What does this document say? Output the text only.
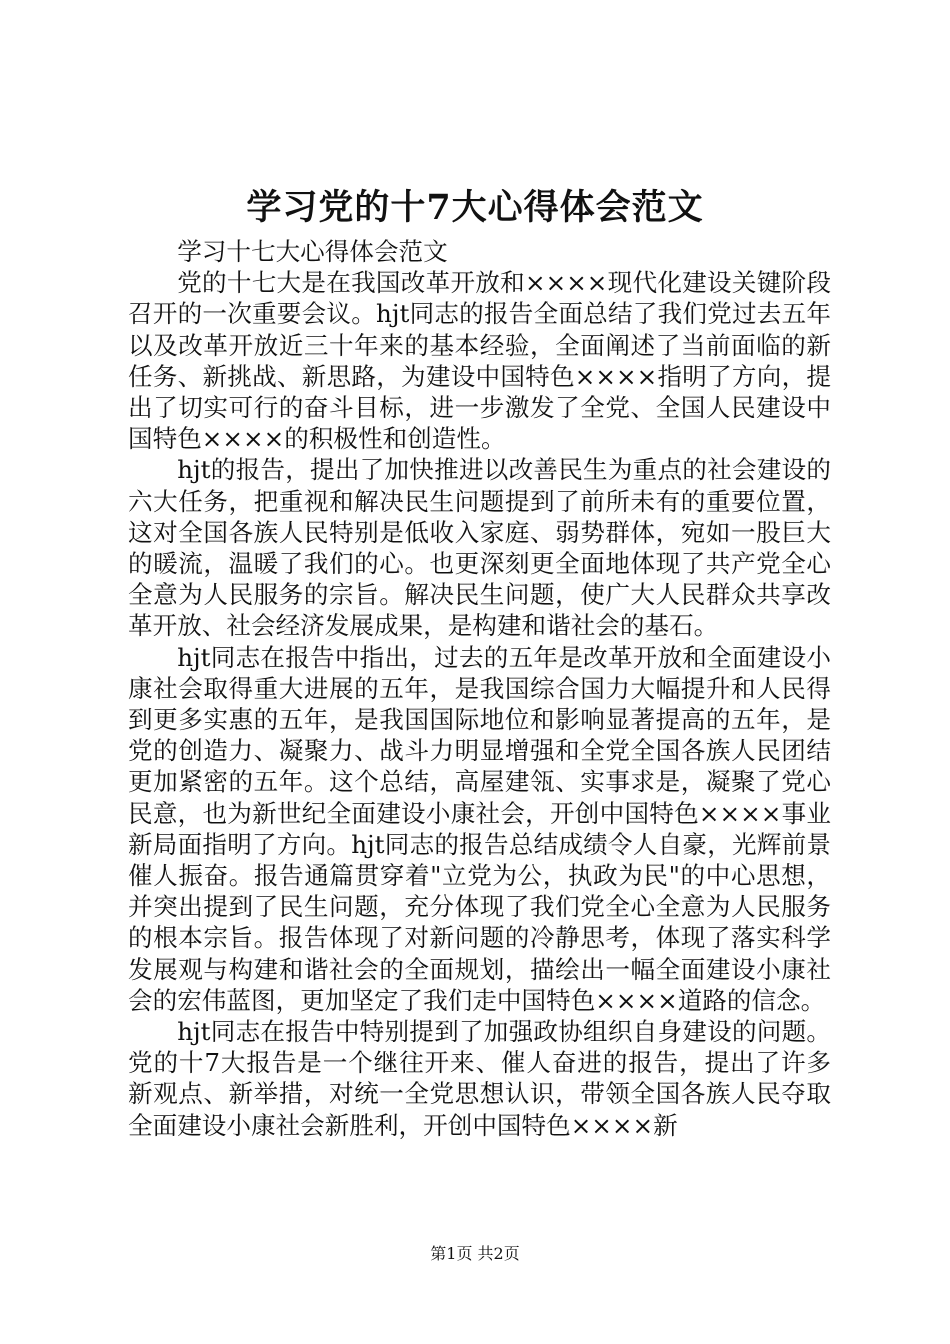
学习党的十7大心得体会范文
学习十七大心得体会范文

党的十七大是在我国改革开放和××××现代化建设关键阶段召开的一次重要会议。hjt同志的报告全面总结了我们党过去五年以及改革开放近三十年来的基本经验，全面阐述了当前面临的新任务、新挑战、新思路，为建设中国特色××××指明了方向，提出了切实可行的奋斗目标，进一步激发了全党、全国人民建设中国特色××××的积极性和创造性。

hjt的报告，提出了加快推进以改善民生为重点的社会建设的六大任务，把重视和解决民生问题提到了前所未有的重要位置，这对全国各族人民特别是低收入家庭、弱势群体，宛如一股巨大的暖流，温暖了我们的心。也更深刻更全面地体现了共产党全心全意为人民服务的宗旨。解决民生问题，使广大人民群众共享改革开放、社会经济发展成果，是构建和谐社会的基石。

hjt同志在报告中指出，过去的五年是改革开放和全面建设小康社会取得重大进展的五年，是我国综合国力大幅提升和人民得到更多实惠的五年，是我国国际地位和影响显著提高的五年，是党的创造力、凝聚力、战斗力明显增强和全党全国各族人民团结更加紧密的五年。这个总结，高屋建瓴、实事求是，凝聚了党心民意，也为新世纪全面建设小康社会，开创中国特色××××事业新局面指明了方向。hjt同志的报告总结成绩令人自豪，光辉前景催人振奋。报告通篇贯穿着"立党为公，执政为民"的中心思想，并突出提到了民生问题，充分体现了我们党全心全意为人民服务的根本宗旨。报告体现了对新问题的冷静思考，体现了落实科学发展观与构建和谐社会的全面规划，描绘出一幅全面建设小康社会的宏伟蓝图，更加坚定了我们走中国特色××××道路的信念。

hjt同志在报告中特别提到了加强政协组织自身建设的问题。党的十7大报告是一个继往开来、催人奋进的报告，提出了许多新观点、新举措，对统一全党思想认识，带领全国各族人民夺取全面建设小康社会新胜利，开创中国特色××××新

第1页 共2页
